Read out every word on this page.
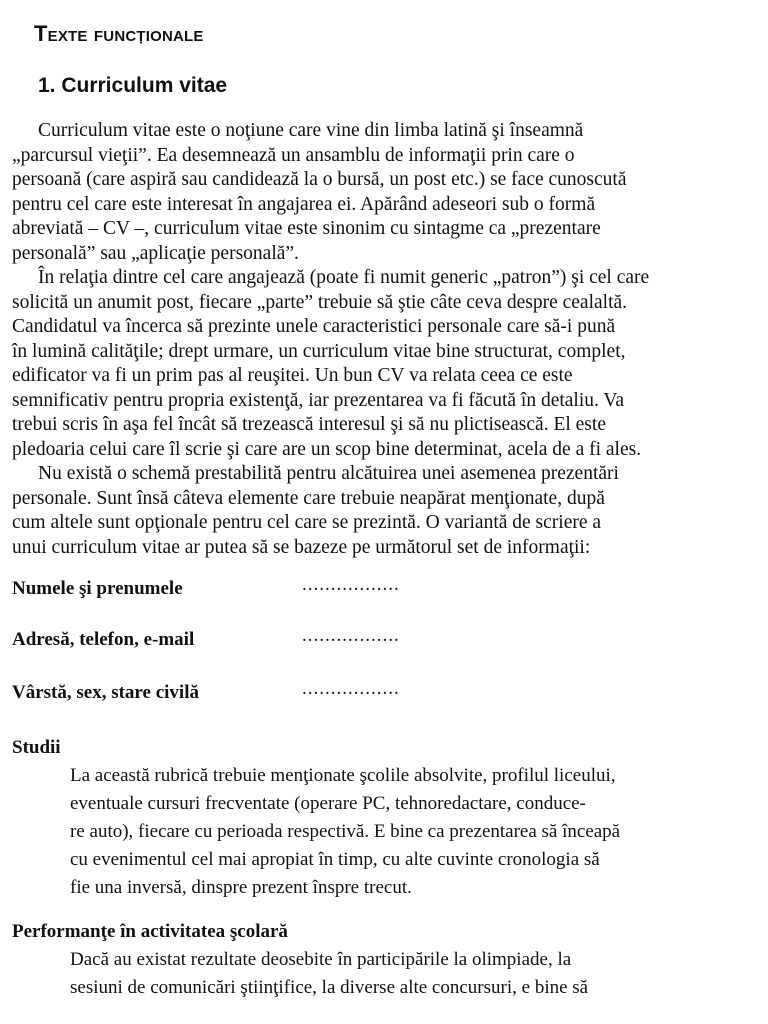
Texte funcționale
1. Curriculum vitae

Curriculum vitae este o noţiune care vine din limba latină şi înseamnă
„parcursul vieţii”. Ea desemnează un ansamblu de informaţii prin care o
persoană (care aspiră sau candidează la o bursă, un post etc.) se face cunoscută
pentru cel care este interesat în angajarea ei. Apărând adeseori sub o formă
abreviată – CV –, curriculum vitae este sinonim cu sintagme ca „prezentare
personală” sau „aplicaţie personală”.

În relaţia dintre cel care angajează (poate fi numit generic „patron”) şi cel care
solicită un anumit post, fiecare „parte” trebuie să ştie câte ceva despre cealaltă.
Candidatul va încerca să prezinte unele caracteristici personale care să-i pună
în lumină calităţile; drept urmare, un curriculum vitae bine structurat, complet,
edificator va fi un prim pas al reuşitei. Un bun CV va relata ceea ce este
semnificativ pentru propria existenţă, iar prezentarea va fi făcută în detaliu. Va
trebui scris în aşa fel încât să trezească interesul şi să nu plictisească. El este
pledoaria celui care îl scrie şi care are un scop bine determinat, acela de a fi ales.

Nu există o schemă prestabilită pentru alcătuirea unei asemenea prezentări
personale. Sunt însă câteva elemente care trebuie neapărat menţionate, după
cum altele sunt opţionale pentru cel care se prezintă. O variantă de scriere a
unui curriculum vitae ar putea să se bazeze pe următorul set de informaţii:

Numele şi prenumele	.................
Adresă, telefon, e-mail	.................
Vârstă, sex, stare civilă	.................
Studii

La această rubrică trebuie menţionate şcolile absolvite, profilul liceului,
eventuale cursuri frecventate (operare PC, tehnoredactare, conduce-
re auto), fiecare cu perioada respectivă. E bine ca prezentarea să înceapă
cu evenimentul cel mai apropiat în timp, cu alte cuvinte cronologia să
fie una inversă, dinspre prezent înspre trecut.

Performanţe în activitatea şcolară

Dacă au existat rezultate deosebite în participările la olimpiade, la
sesiuni de comunicări ştiinţifice, la diverse alte concursuri, e bine să
